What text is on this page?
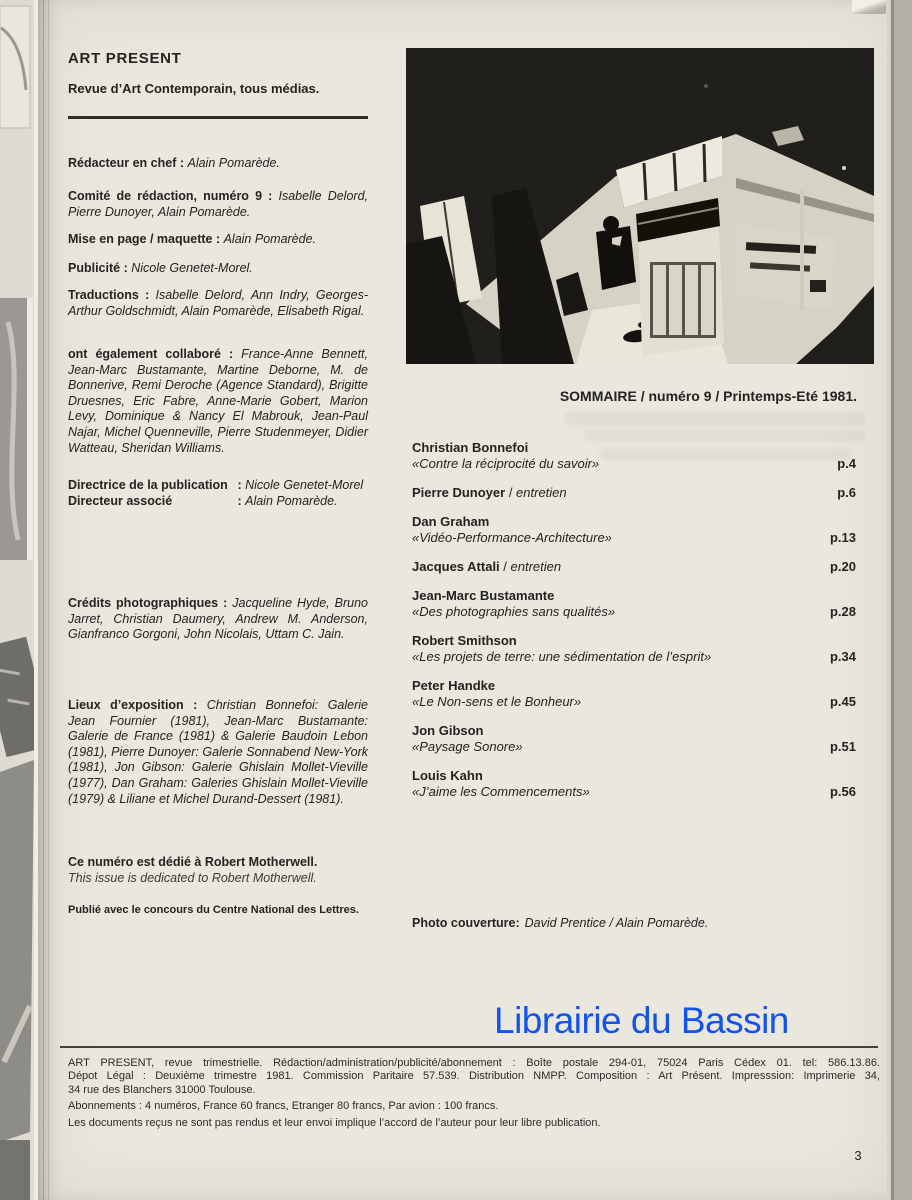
ART PRESENT

Revue d’Art Contemporain, tous médias.

Rédacteur en chef : Alain Pomarède.

Comité de rédaction, numéro 9 : Isabelle Delord, Pierre Dunoyer, Alain Pomarède.

Mise en page / maquette : Alain Pomarède.

Publicité : Nicole Genetet-Morel.

Traductions : Isabelle Delord, Ann Indry, Georges-Arthur Goldschmidt, Alain Pomarède, Elisabeth Rigal.

ont également collaboré : France-Anne Bennett, Jean-Marc Bustamante, Martine Deborne, M. de Bonnerive, Remi Deroche (Agence Standard), Brigitte Druesnes, Eric Fabre, Anne-Marie Gobert, Marion Levy, Dominique & Nancy El Mabrouk, Jean-Paul Najar, Michel Quenneville, Pierre Studenmeyer, Didier Watteau, Sheridan Williams.

Directrice de la publication : Nicole Genetet-Morel
Directeur associé	: Alain Pomarède.

Crédits photographiques : Jacqueline Hyde, Bruno Jarret, Christian Daumery, Andrew M. Anderson, Gianfranco Gorgoni, John Nicolais, Uttam C. Jain.

Lieux d’exposition : Christian Bonnefoi: Galerie Jean Fournier (1981), Jean-Marc Bustamante: Galerie de France (1981) & Galerie Baudoin Lebon (1981), Pierre Dunoyer: Galerie Sonnabend New-York (1981), Jon Gibson: Galerie Ghislain Mollet-Vieville (1977), Dan Graham: Galeries Ghislain Mollet-Vieville (1979) & Liliane et Michel Durand-Dessert (1981).

Ce numéro est dédié à Robert Motherwell.
This issue is dedicated to Robert Motherwell.

Publié avec le concours du Centre National des Lettres.

SOMMAIRE / numéro 9 / Printemps-Eté 1981.
Christian Bonnefoi
«Contre la réciprocité du savoir»	p.4
Pierre Dunoyer / entretien	p.6
Dan Graham
«Vidéo-Performance-Architecture»	p.13
Jacques Attali / entretien	p.20
Jean-Marc Bustamante
«Des photographies sans qualités»	p.28
Robert Smithson
«Les projets de terre: une sédimentation de l’esprit»	p.34
Peter Handke
«Le Non-sens et le Bonheur»	p.45
Jon Gibson
«Paysage Sonore»	p.51
Louis Kahn
«J’aime les Commencements»	p.56

Photo couverture: David Prentice / Alain Pomarède.

Librairie du Bassin
ART PRESENT, revue trimestrielle. Rédaction/administration/publicité/abonnement : Boîte postale 294-01, 75024 Paris Cédex 01. tel: 586.13.86.
Dépot Légal : Deuxième trimestre 1981. Commission Paritaire 57.539. Distribution NMPP. Composition : Art Présent. Impresssion: Imprimerie 34,
34 rue des Blanchers 31000 Toulouse.
Abonnements : 4 numéros, France 60 francs, Etranger 80 francs, Par avion : 100 francs.
Les documents reçus ne sont pas rendus et leur envoi implique l’accord de l’auteur pour leur libre publication.
3
